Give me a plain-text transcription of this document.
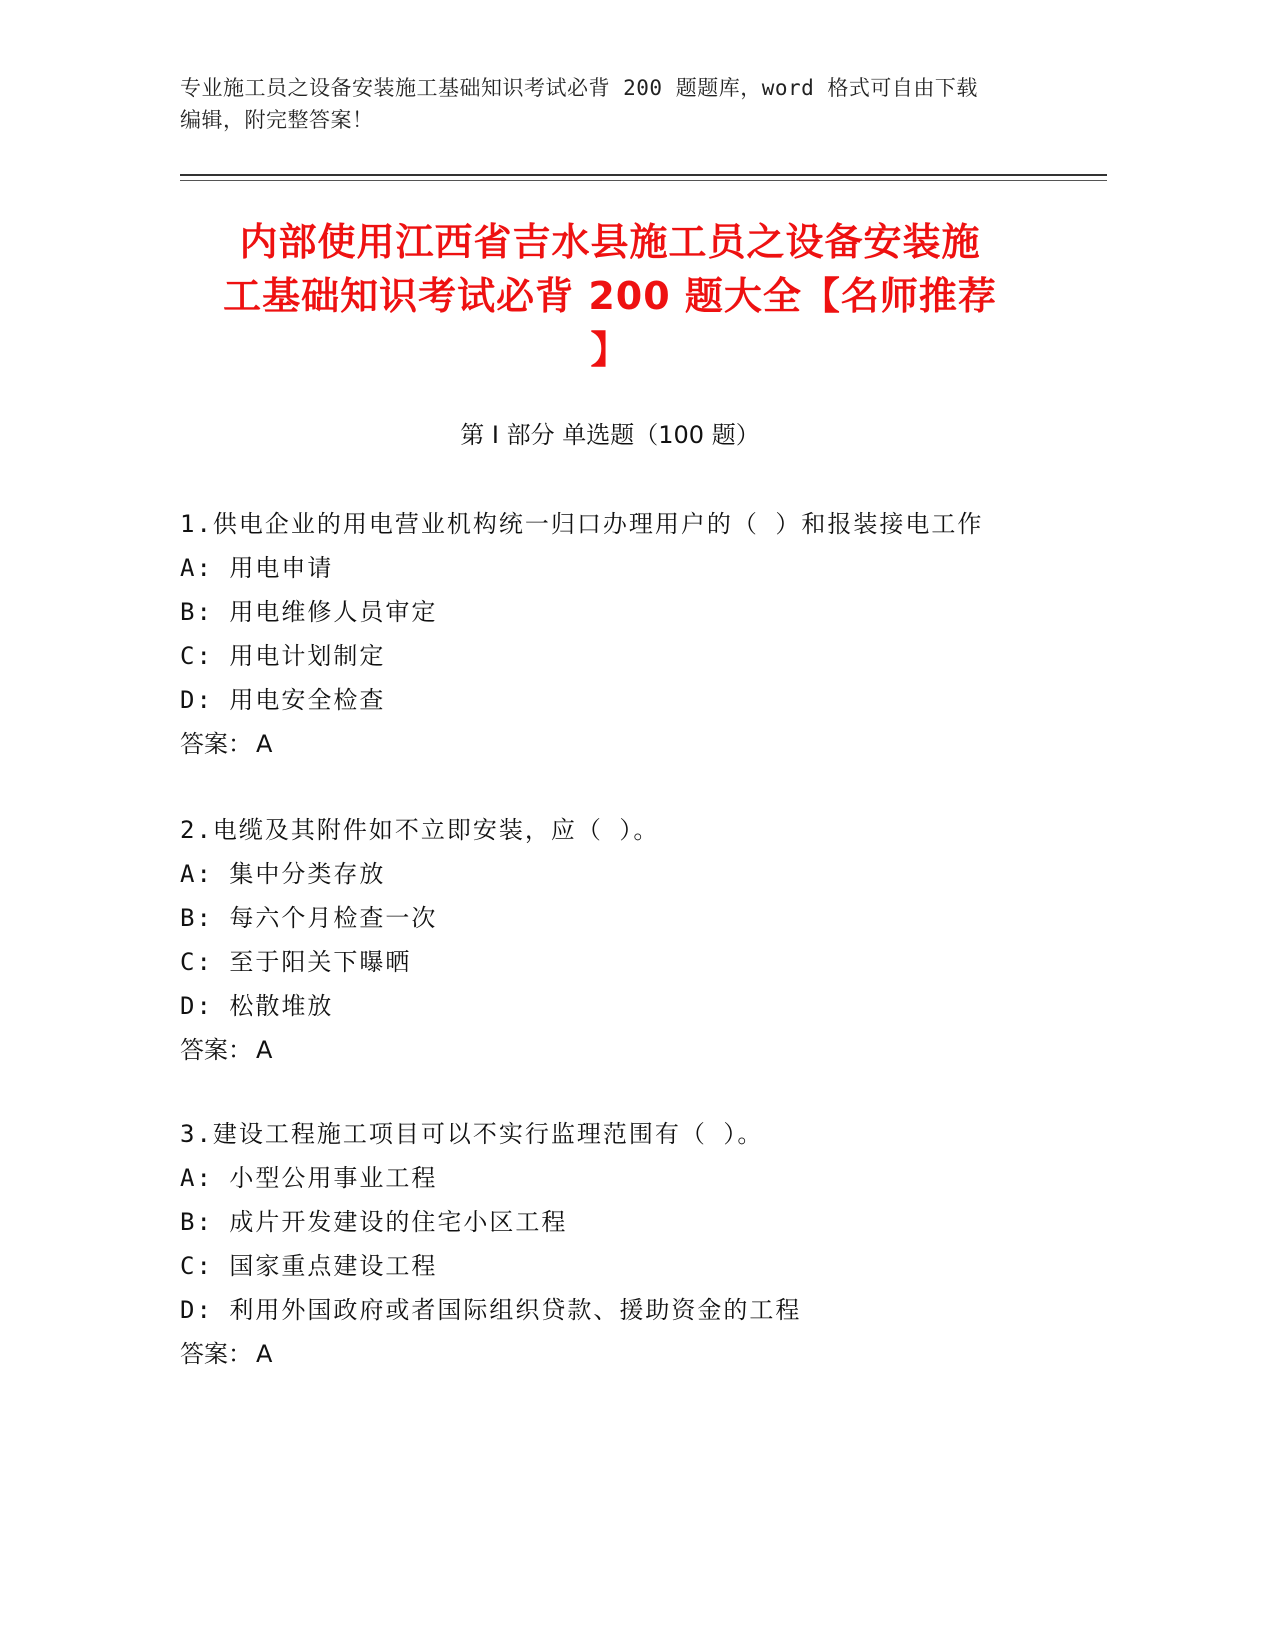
专业施工员之设备安装施工基础知识考试必背 200 题题库，word 格式可自由下载
编辑，附完整答案！
内部使用江西省吉水县施工员之设备安装施
工基础知识考试必背 200 题大全【名师推荐
】
第 I 部分 单选题（100 题）
1.供电企业的用电营业机构统一归口办理用户的（ ）和报装接电工作
A: 用电申请
B: 用电维修人员审定
C: 用电计划制定
D: 用电安全检查
答案： A
2.电缆及其附件如不立即安装，应（ ）。
A: 集中分类存放
B: 每六个月检查一次
C: 至于阳关下曝晒
D: 松散堆放
答案： A
3.建设工程施工项目可以不实行监理范围有（ ）。
A: 小型公用事业工程
B: 成片开发建设的住宅小区工程
C: 国家重点建设工程
D: 利用外国政府或者国际组织贷款、援助资金的工程
答案： A
